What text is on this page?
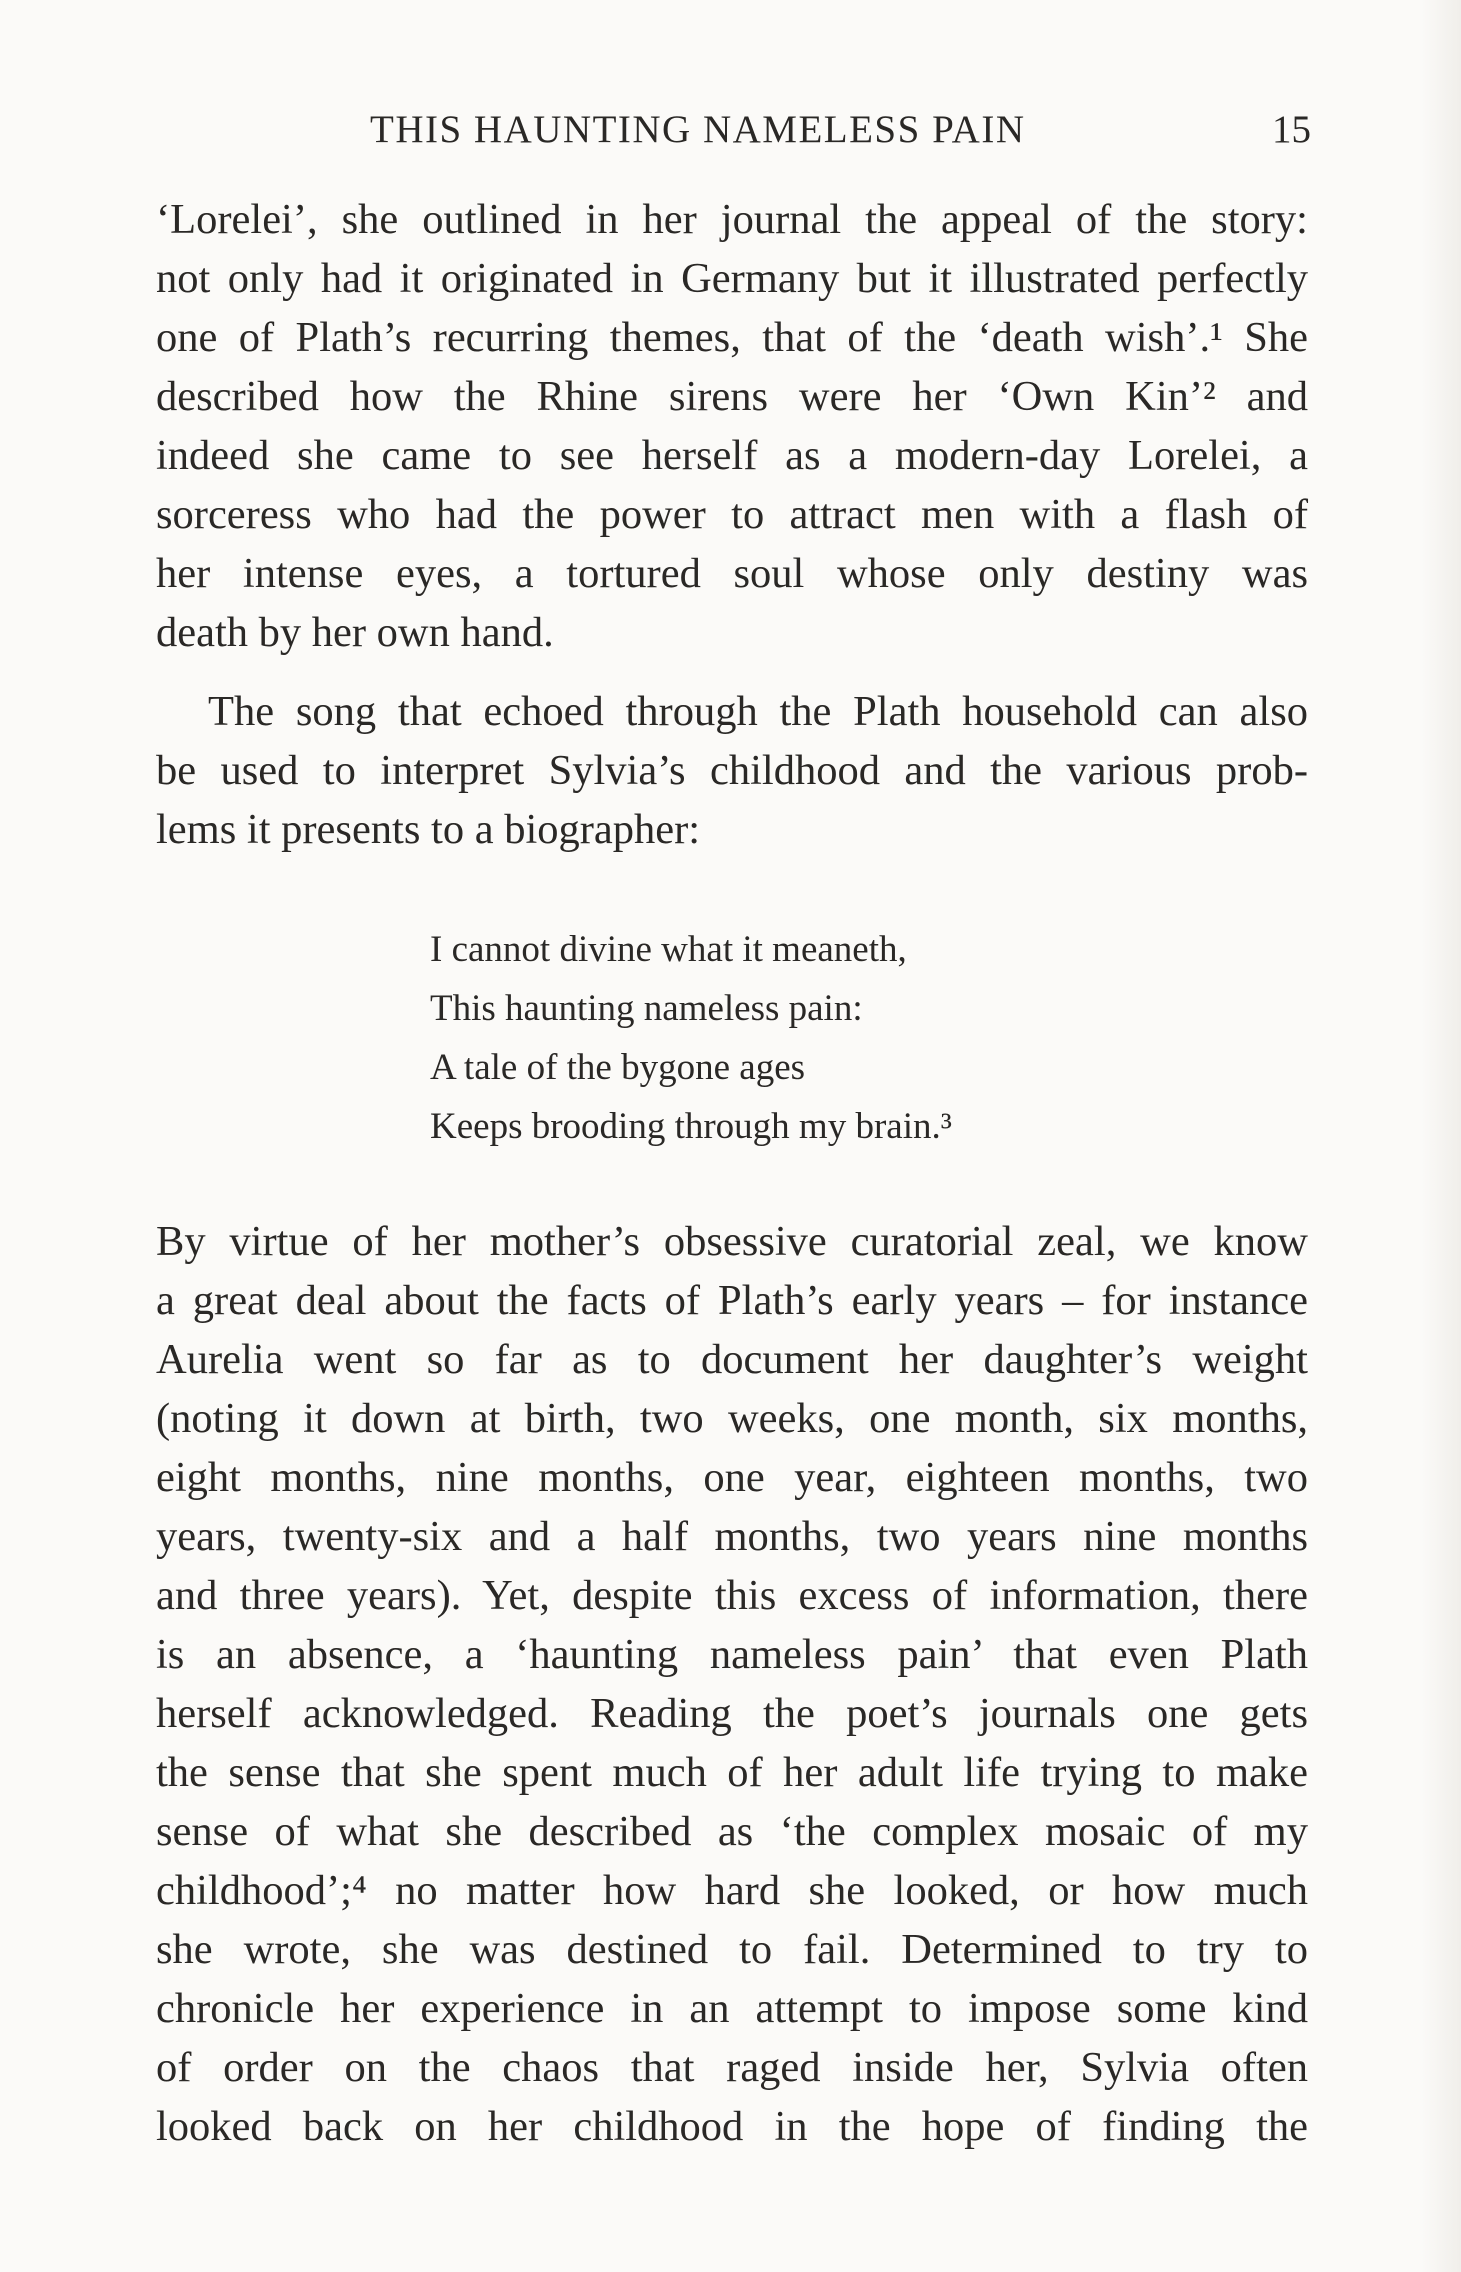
THIS HAUNTING NAMELESS PAIN	15
‘Lorelei’, she outlined in her journal the appeal of the story:
not only had it originated in Germany but it illustrated perfectly
one of Plath’s recurring themes, that of the ‘death wish’.¹ She
described how the Rhine sirens were her ‘Own Kin’² and
indeed she came to see herself as a modern-day Lorelei, a
sorceress who had the power to attract men with a flash of
her intense eyes, a tortured soul whose only destiny was
death by her own hand.
The song that echoed through the Plath household can also
be used to interpret Sylvia’s childhood and the various prob-
lems it presents to a biographer:
I cannot divine what it meaneth,
This haunting nameless pain:
A tale of the bygone ages
Keeps brooding through my brain.³
By virtue of her mother’s obsessive curatorial zeal, we know
a great deal about the facts of Plath’s early years – for instance
Aurelia went so far as to document her daughter’s weight
(noting it down at birth, two weeks, one month, six months,
eight months, nine months, one year, eighteen months, two
years, twenty-six and a half months, two years nine months
and three years). Yet, despite this excess of information, there
is an absence, a ‘haunting nameless pain’ that even Plath
herself acknowledged. Reading the poet’s journals one gets
the sense that she spent much of her adult life trying to make
sense of what she described as ‘the complex mosaic of my
childhood’;⁴ no matter how hard she looked, or how much
she wrote, she was destined to fail. Determined to try to
chronicle her experience in an attempt to impose some kind
of order on the chaos that raged inside her, Sylvia often
looked back on her childhood in the hope of finding the
